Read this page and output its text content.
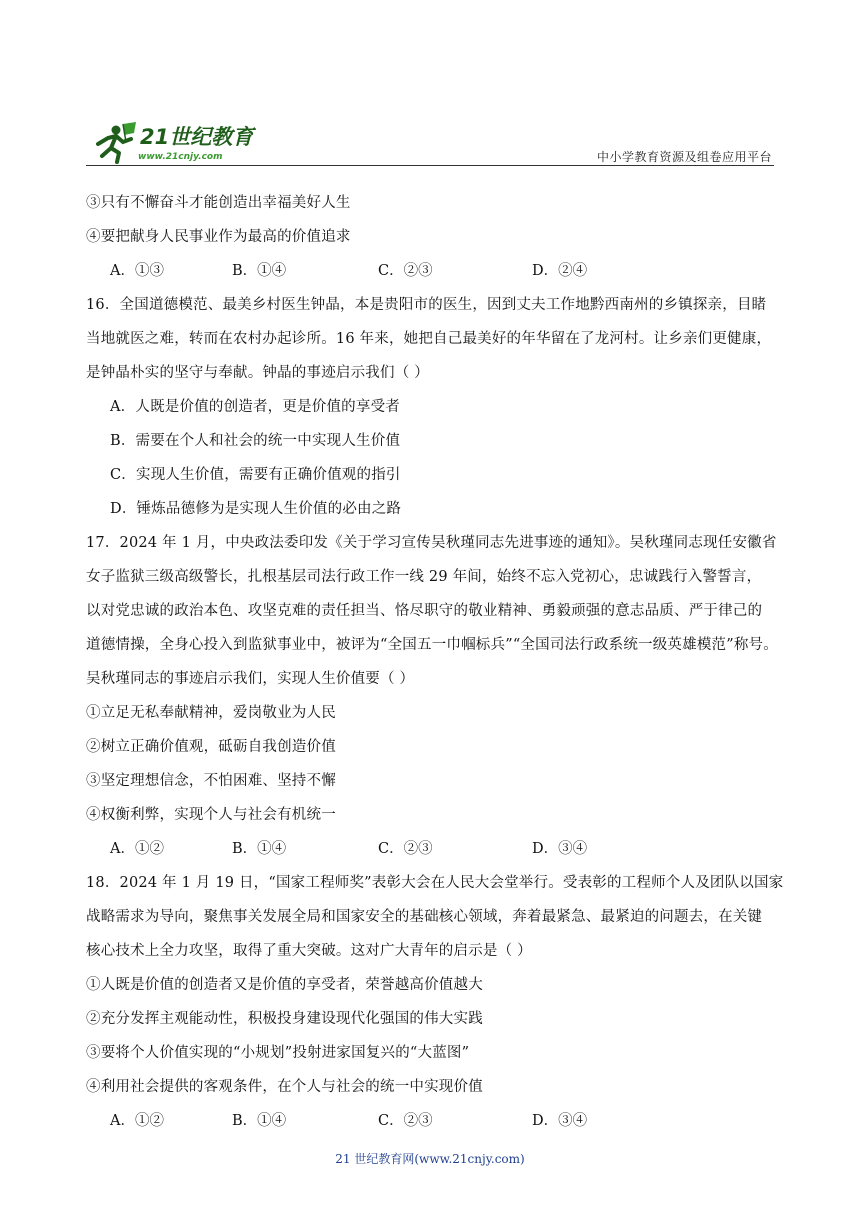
21世纪教育
www.21cnjy.com	中小学教育资源及组卷应用平台
③只有不懈奋斗才能创造出幸福美好人生
④要把献身人民事业作为最高的价值追求
A．①③	B．①④	C．②③	D．②④
16．全国道德模范、最美乡村医生钟晶，本是贵阳市的医生，因到丈夫工作地黔西南州的乡镇探亲，目睹
当地就医之难，转而在农村办起诊所。16 年来，她把自己最美好的年华留在了龙河村。让乡亲们更健康，
是钟晶朴实的坚守与奉献。钟晶的事迹启示我们（ ）
A．人既是价值的创造者，更是价值的享受者
B．需要在个人和社会的统一中实现人生价值
C．实现人生价值，需要有正确价值观的指引
D．锤炼品德修为是实现人生价值的必由之路
17．2024 年 1 月，中央政法委印发《关于学习宣传吴秋瑾同志先进事迹的通知》。吴秋瑾同志现任安徽省
女子监狱三级高级警长，扎根基层司法行政工作一线 29 年间，始终不忘入党初心，忠诚践行入警誓言，
以对党忠诚的政治本色、攻坚克难的责任担当、恪尽职守的敬业精神、勇毅顽强的意志品质、严于律己的
道德情操，全身心投入到监狱事业中，被评为“全国五一巾帼标兵”“全国司法行政系统一级英雄模范”称号。
吴秋瑾同志的事迹启示我们，实现人生价值要（ ）
①立足无私奉献精神，爱岗敬业为人民
②树立正确价值观，砥砺自我创造价值
③坚定理想信念，不怕困难、坚持不懈
④权衡利弊，实现个人与社会有机统一
A．①②	B．①④	C．②③	D．③④
18．2024 年 1 月 19 日，“国家工程师奖”表彰大会在人民大会堂举行。受表彰的工程师个人及团队以国家
战略需求为导向，聚焦事关发展全局和国家安全的基础核心领域，奔着最紧急、最紧迫的问题去，在关键
核心技术上全力攻坚，取得了重大突破。这对广大青年的启示是（ ）
①人既是价值的创造者又是价值的享受者，荣誉越高价值越大
②充分发挥主观能动性，积极投身建设现代化强国的伟大实践
③要将个人价值实现的“小规划”投射进家国复兴的“大蓝图”
④利用社会提供的客观条件，在个人与社会的统一中实现价值
A．①②	B．①④	C．②③	D．③④
21 世纪教育网(www.21cnjy.com)
